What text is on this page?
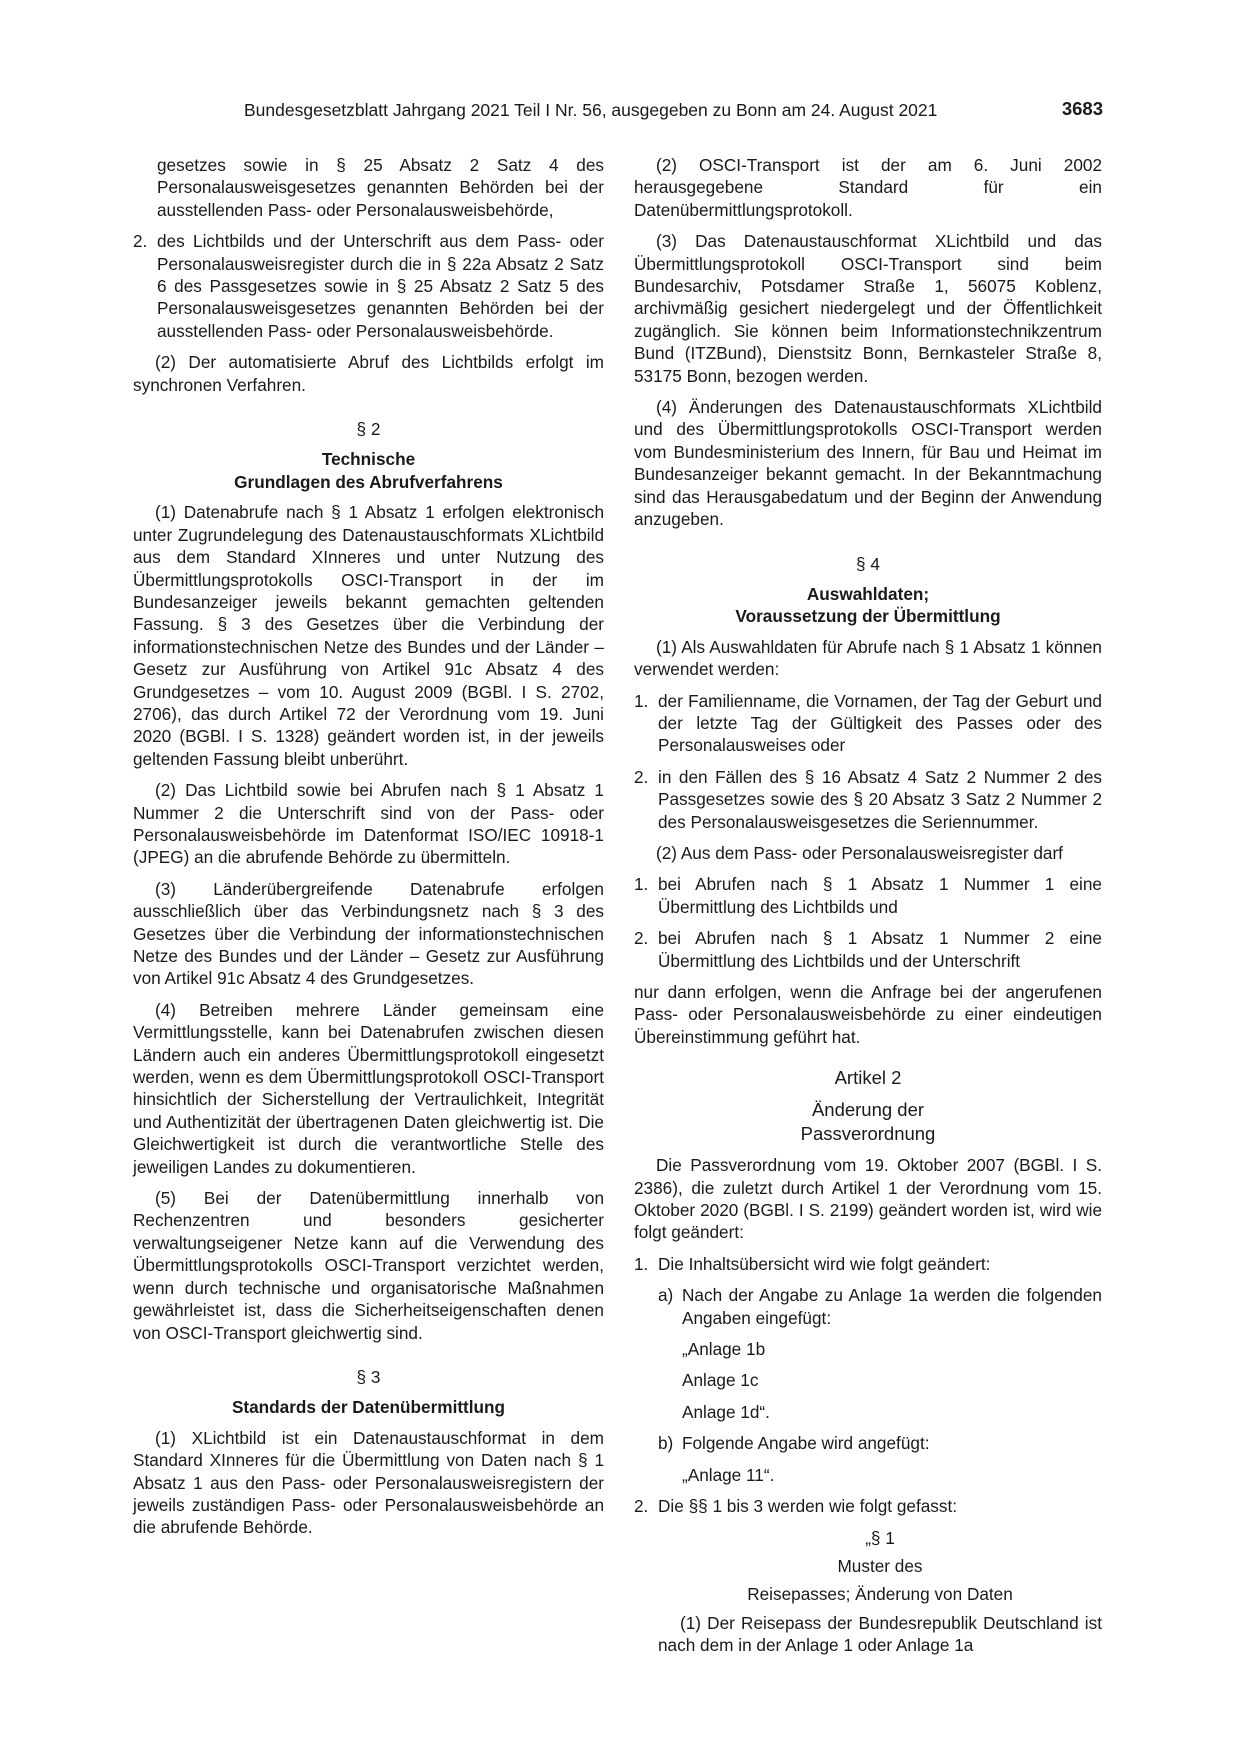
Bundesgesetzblatt Jahrgang 2021 Teil I Nr. 56, ausgegeben zu Bonn am 24. August 2021	3683

gesetzes sowie in § 25 Absatz 2 Satz 4 des Personalausweisgesetzes genannten Behörden bei der ausstellenden Pass- oder Personalausweisbehörde,

2. des Lichtbilds und der Unterschrift aus dem Pass- oder Personalausweisregister durch die in § 22a Absatz 2 Satz 6 des Passgesetzes sowie in § 25 Absatz 2 Satz 5 des Personalausweisgesetzes genannten Behörden bei der ausstellenden Pass- oder Personalausweisbehörde.

(2) Der automatisierte Abruf des Lichtbilds erfolgt im synchronen Verfahren.

§ 2
Technische
Grundlagen des Abrufverfahrens

(1) Datenabrufe nach § 1 Absatz 1 erfolgen elektronisch unter Zugrundelegung des Datenaustauschformats XLichtbild aus dem Standard XInneres und unter Nutzung des Übermittlungsprotokolls OSCI-Transport in der im Bundesanzeiger jeweils bekannt gemachten geltenden Fassung. § 3 des Gesetzes über die Verbindung der informationstechnischen Netze des Bundes und der Länder – Gesetz zur Ausführung von Artikel 91c Absatz 4 des Grundgesetzes – vom 10. August 2009 (BGBl. I S. 2702, 2706), das durch Artikel 72 der Verordnung vom 19. Juni 2020 (BGBl. I S. 1328) geändert worden ist, in der jeweils geltenden Fassung bleibt unberührt.

(2) Das Lichtbild sowie bei Abrufen nach § 1 Absatz 1 Nummer 2 die Unterschrift sind von der Pass- oder Personalausweisbehörde im Datenformat ISO/IEC 10918-1 (JPEG) an die abrufende Behörde zu übermitteln.

(3) Länderübergreifende Datenabrufe erfolgen ausschließlich über das Verbindungsnetz nach § 3 des Gesetzes über die Verbindung der informationstechnischen Netze des Bundes und der Länder – Gesetz zur Ausführung von Artikel 91c Absatz 4 des Grundgesetzes.

(4) Betreiben mehrere Länder gemeinsam eine Vermittlungsstelle, kann bei Datenabrufen zwischen diesen Ländern auch ein anderes Übermittlungsprotokoll eingesetzt werden, wenn es dem Übermittlungsprotokoll OSCI-Transport hinsichtlich der Sicherstellung der Vertraulichkeit, Integrität und Authentizität der übertragenen Daten gleichwertig ist. Die Gleichwertigkeit ist durch die verantwortliche Stelle des jeweiligen Landes zu dokumentieren.

(5) Bei der Datenübermittlung innerhalb von Rechenzentren und besonders gesicherter verwaltungseigener Netze kann auf die Verwendung des Übermittlungsprotokolls OSCI-Transport verzichtet werden, wenn durch technische und organisatorische Maßnahmen gewährleistet ist, dass die Sicherheitseigenschaften denen von OSCI-Transport gleichwertig sind.

§ 3
Standards der Datenübermittlung

(1) XLichtbild ist ein Datenaustauschformat in dem Standard XInneres für die Übermittlung von Daten nach § 1 Absatz 1 aus den Pass- oder Personalausweisregistern der jeweils zuständigen Pass- oder Personalausweisbehörde an die abrufende Behörde.

(2) OSCI-Transport ist der am 6. Juni 2002 herausgegebene Standard für ein Datenübermittlungsprotokoll.

(3) Das Datenaustauschformat XLichtbild und das Übermittlungsprotokoll OSCI-Transport sind beim Bundesarchiv, Potsdamer Straße 1, 56075 Koblenz, archivmäßig gesichert niedergelegt und der Öffentlichkeit zugänglich. Sie können beim Informationstechnikzentrum Bund (ITZBund), Dienstsitz Bonn, Bernkasteler Straße 8, 53175 Bonn, bezogen werden.

(4) Änderungen des Datenaustauschformats XLichtbild und des Übermittlungsprotokolls OSCI-Transport werden vom Bundesministerium des Innern, für Bau und Heimat im Bundesanzeiger bekannt gemacht. In der Bekanntmachung sind das Herausgabedatum und der Beginn der Anwendung anzugeben.

§ 4
Auswahldaten;
Voraussetzung der Übermittlung

(1) Als Auswahldaten für Abrufe nach § 1 Absatz 1 können verwendet werden:

1. der Familienname, die Vornamen, der Tag der Geburt und der letzte Tag der Gültigkeit des Passes oder des Personalausweises oder
2. in den Fällen des § 16 Absatz 4 Satz 2 Nummer 2 des Passgesetzes sowie des § 20 Absatz 3 Satz 2 Nummer 2 des Personalausweisgesetzes die Seriennummer.

(2) Aus dem Pass- oder Personalausweisregister darf

1. bei Abrufen nach § 1 Absatz 1 Nummer 1 eine Übermittlung des Lichtbilds und
2. bei Abrufen nach § 1 Absatz 1 Nummer 2 eine Übermittlung des Lichtbilds und der Unterschrift

nur dann erfolgen, wenn die Anfrage bei der angerufenen Pass- oder Personalausweisbehörde zu einer eindeutigen Übereinstimmung geführt hat.

Artikel 2
Änderung der
Passverordnung

Die Passverordnung vom 19. Oktober 2007 (BGBl. I S. 2386), die zuletzt durch Artikel 1 der Verordnung vom 15. Oktober 2020 (BGBl. I S. 2199) geändert worden ist, wird wie folgt geändert:

1. Die Inhaltsübersicht wird wie folgt geändert:
a) Nach der Angabe zu Anlage 1a werden die folgenden Angaben eingefügt:
„Anlage 1b
Anlage 1c
Anlage 1d“.
b) Folgende Angabe wird angefügt:
„Anlage 11“.
2. Die §§ 1 bis 3 werden wie folgt gefasst:
„§ 1
Muster des
Reisepasses; Änderung von Daten

(1) Der Reisepass der Bundesrepublik Deutschland ist nach dem in der Anlage 1 oder Anlage 1a
